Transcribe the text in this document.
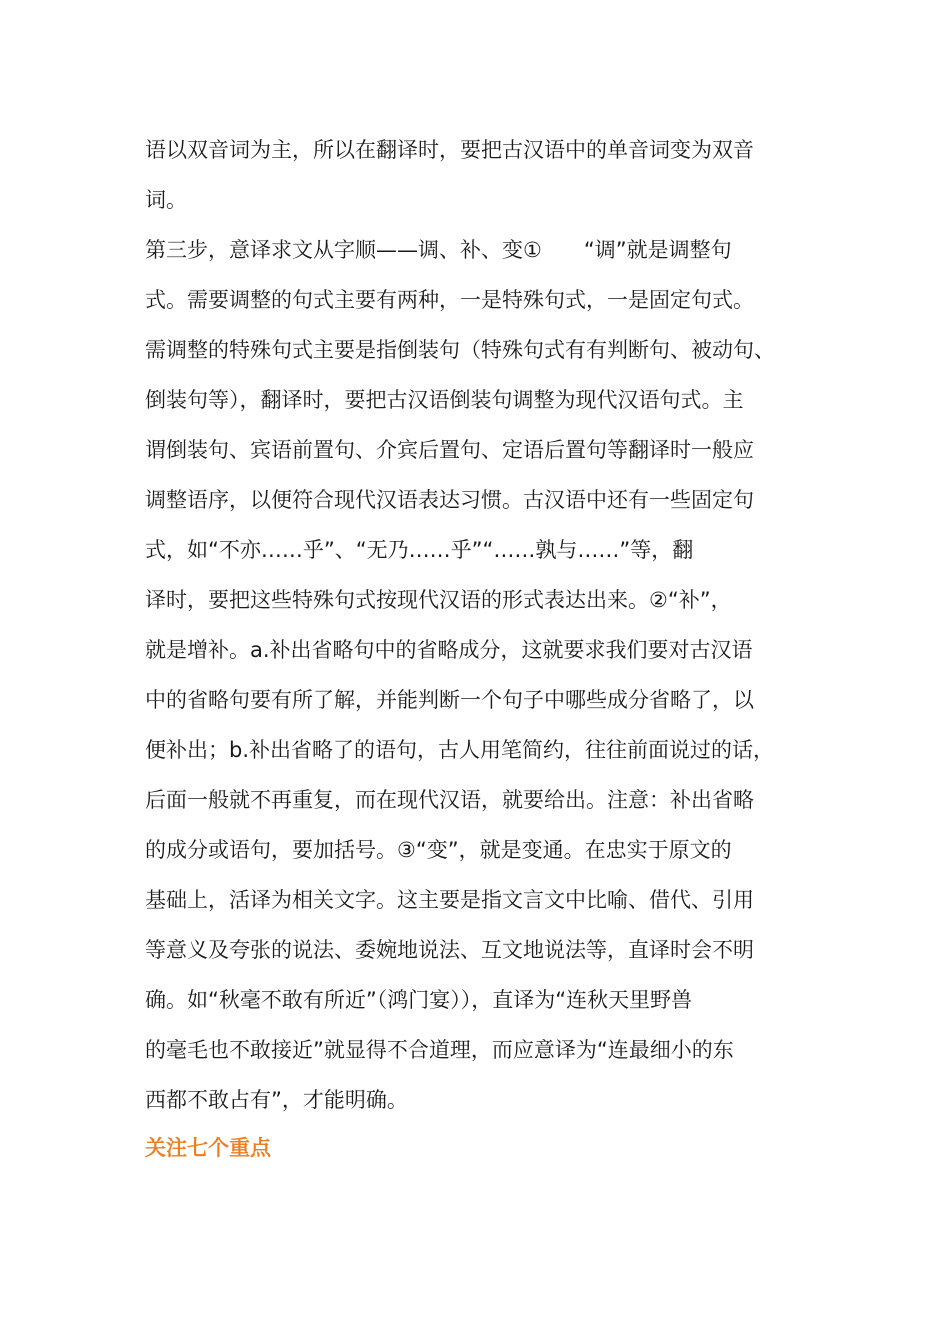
语以双音词为主，所以在翻译时，要把古汉语中的单音词变为双音
词。
第三步，意译求文从字顺——调、补、变①　　“调”就是调整句
式。需要调整的句式主要有两种，一是特殊句式，一是固定句式。
需调整的特殊句式主要是指倒装句（特殊句式有有判断句、被动句、
倒装句等），翻译时，要把古汉语倒装句调整为现代汉语句式。主
谓倒装句、宾语前置句、介宾后置句、定语后置句等翻译时一般应
调整语序，以便符合现代汉语表达习惯。古汉语中还有一些固定句
式，如“不亦……乎”、“无乃……乎”“……孰与……”等，翻
译时，要把这些特殊句式按现代汉语的形式表达出来。②“补”，
就是增补。a.补出省略句中的省略成分，这就要求我们要对古汉语
中的省略句要有所了解，并能判断一个句子中哪些成分省略了，以
便补出；b.补出省略了的语句，古人用笔简约，往往前面说过的话，
后面一般就不再重复，而在现代汉语，就要给出。注意：补出省略
的成分或语句，要加括号。③“变”，就是变通。在忠实于原文的
基础上，活译为相关文字。这主要是指文言文中比喻、借代、引用
等意义及夸张的说法、委婉地说法、互文地说法等，直译时会不明
确。如“秋毫不敢有所近”（鸿门宴）），直译为“连秋天里野兽
的毫毛也不敢接近”就显得不合道理，而应意译为“连最细小的东
西都不敢占有”，才能明确。
关注七个重点
